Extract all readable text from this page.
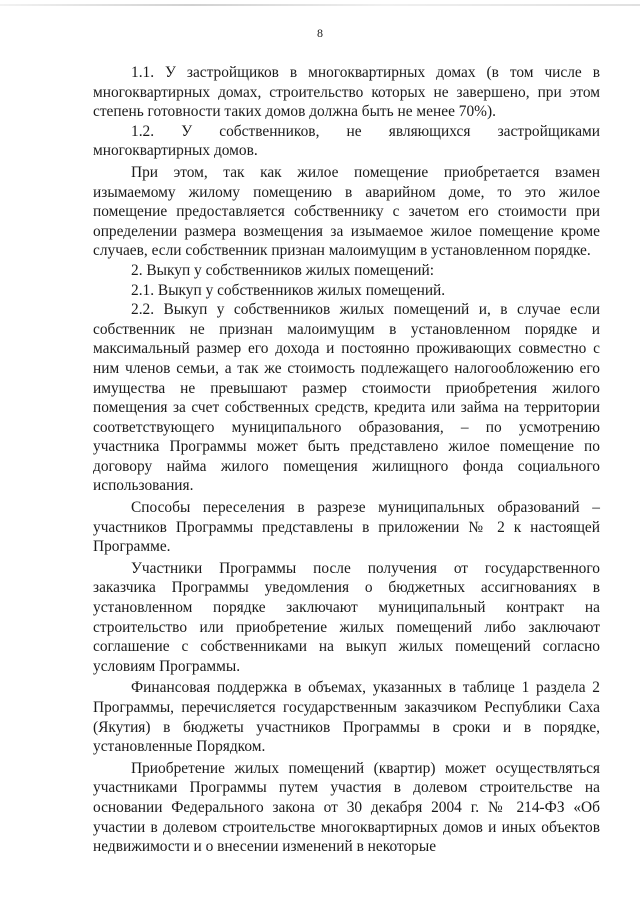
8

1.1. У застройщиков в многоквартирных домах (в том числе в многоквартирных домах, строительство которых не завершено, при этом степень готовности таких домов должна быть не менее 70%).

1.2. У собственников, не являющихся застройщиками многоквартирных домов.

При этом, так как жилое помещение приобретается взамен изымаемому жилому помещению в аварийном доме, то это жилое помещение предоставляется собственнику с зачетом его стоимости при определении размера возмещения за изымаемое жилое помещение кроме случаев, если собственник признан малоимущим в установленном порядке.

2. Выкуп у собственников жилых помещений:

2.1. Выкуп у собственников жилых помещений.

2.2. Выкуп у собственников жилых помещений и, в случае если собственник не признан малоимущим в установленном порядке и максимальный размер его дохода и постоянно проживающих совместно с ним членов семьи, а так же стоимость подлежащего налогообложению его имущества не превышают размер стоимости приобретения жилого помещения за счет собственных средств, кредита или займа на территории соответствующего муниципального образования, – по усмотрению участника Программы может быть представлено жилое помещение по договору найма жилого помещения жилищного фонда социального использования.

Способы переселения в разрезе муниципальных образований – участников Программы представлены в приложении № 2 к настоящей Программе.

Участники Программы после получения от государственного заказчика Программы уведомления о бюджетных ассигнованиях в установленном порядке заключают муниципальный контракт на строительство или приобретение жилых помещений либо заключают соглашение с собственниками на выкуп жилых помещений согласно условиям Программы.

Финансовая поддержка в объемах, указанных в таблице 1 раздела 2 Программы, перечисляется государственным заказчиком Республики Саха (Якутия) в бюджеты участников Программы в сроки и в порядке, установленные Порядком.

Приобретение жилых помещений (квартир) может осуществляться участниками Программы путем участия в долевом строительстве на основании Федерального закона от 30 декабря 2004 г. № 214-ФЗ «Об участии в долевом строительстве многоквартирных домов и иных объектов недвижимости и о внесении изменений в некоторые
